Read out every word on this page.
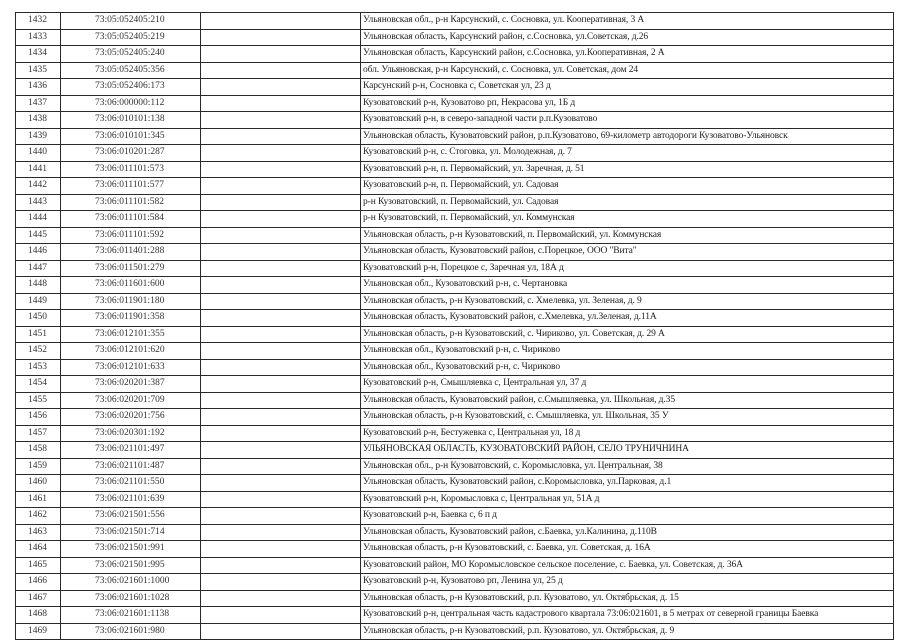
1432	73:05:052405:210		Ульяновская обл., р-н Карсунский, с. Сосновка, ул. Кооперативная, 3 А
1433	73:05:052405:219		Ульяновская область, Карсунский район, с.Сосновка, ул.Советская, д.26
1434	73:05:052405:240		Ульяновская область, Карсунский район, с.Сосновка, ул.Кооперативная, 2 А
1435	73:05:052405:356		обл. Ульяновская, р-н Карсунский, с. Сосновка, ул. Советская, дом 24
1436	73:05:052406:173		Карсунский р-н, Сосновка с, Советская ул, 23 д
1437	73:06:000000:112		Кузоватовский р-н, Кузоватово рп, Некрасова ул, 1Б д
1438	73:06:010101:138		Кузоватовский р-н, в северо-западной части р.п.Кузоватово
1439	73:06:010101:345		Ульяновская область, Кузоватовский район, р.п.Кузоватово, 69-километр автодороги Кузоватово-Ульяновск
1440	73:06:010201:287		Кузоватовский р-н, с. Стоговка, ул. Молодежная, д. 7
1441	73:06:011101:573		Кузоватовский р-н, п. Первомайский, ул. Заречная, д. 51
1442	73:06:011101:577		Кузоватовский р-н, п. Первомайский, ул. Садовая
1443	73:06:011101:582		р-н Кузоватовский, п. Первомайский, ул. Садовая
1444	73:06:011101:584		р-н Кузоватовский, п. Первомайский, ул. Коммунская
1445	73:06:011101:592		Ульяновская область, р-н Кузоватовский, п. Первомайский, ул. Коммунская
1446	73:06:011401:288		Ульяновская область, Кузоватовский район, с.Порецкое, ООО "Вита"
1447	73:06:011501:279		Кузоватовский р-н, Порецкое с, Заречная ул, 18А д
1448	73:06:011601:600		Ульяновская обл., Кузоватовский р-н, с. Чертановка
1449	73:06:011901:180		Ульяновская область, р-н Кузоватовский, с. Хмелевка, ул. Зеленая, д. 9
1450	73:06:011901:358		Ульяновская область, Кузоватовский район, с.Хмелевка, ул.Зеленая, д.11А
1451	73:06:012101:355		Ульяновская область, р-н Кузоватовский, с. Чириково, ул. Советская, д. 29 А
1452	73:06:012101:620		Ульяновская обл., Кузоватовский р-н, с. Чириково
1453	73:06:012101:633		Ульяновская обл., Кузоватовский р-н, с. Чириково
1454	73:06:020201:387		Кузоватовский р-н, Смышляевка с, Центральная ул, 37 д
1455	73:06:020201:709		Ульяновская область, Кузоватовский район, с.Смышляевка, ул. Школьная, д.35
1456	73:06:020201:756		Ульяновская область, р-н Кузоватовский, с. Смышляевка, ул. Школьная, 35 У
1457	73:06:020301:192		Кузоватовский р-н, Бестужевка с, Центральная ул, 18 д
1458	73:06:021101:497		УЛЬЯНОВСКАЯ ОБЛАСТЬ, КУЗОВАТОВСКИЙ РАЙОН, СЕЛО ТРУНИЧНИНА
1459	73:06:021101:487		Ульяновская обл., р-н Кузоватовский, с. Коромысловка, ул. Центральная, 38
1460	73:06:021101:550		Ульяновская область, Кузоватовский район, с.Коромысловка, ул.Парковая, д.1
1461	73:06:021101:639		Кузоватовский р-н, Коромысловка с, Центральная ул, 51А д
1462	73:06:021501:556		Кузоватовский р-н, Баевка с, 6 п д
1463	73:06:021501:714		Ульяновская область, Кузоватовский район, с.Баевка, ул.Калинина, д.110В
1464	73:06:021501:991		Ульяновская область, р-н Кузоватовский, с. Баевка, ул. Советская, д. 16А
1465	73:06:021501:995		Кузоватовский район, МО Коромысловское сельское поселение, с. Баевка, ул. Советская, д. 36А
1466	73:06:021601:1000		Кузоватовский р-н, Кузоватово рп, Ленина ул, 25 д
1467	73:06:021601:1028		Ульяновская область, р-н Кузоватовский, р.п. Кузоватово, ул. Октябрьская, д. 15
1468	73:06:021601:1138		Кузоватовский р-н, центральная часть кадастрового квартала 73:06:021601, в 5 метрах от северной границы Баевка
1469	73:06:021601:980		Ульяновская область, р-н Кузоватовский, р.п. Кузоватово, ул. Октябрьская, д. 9
